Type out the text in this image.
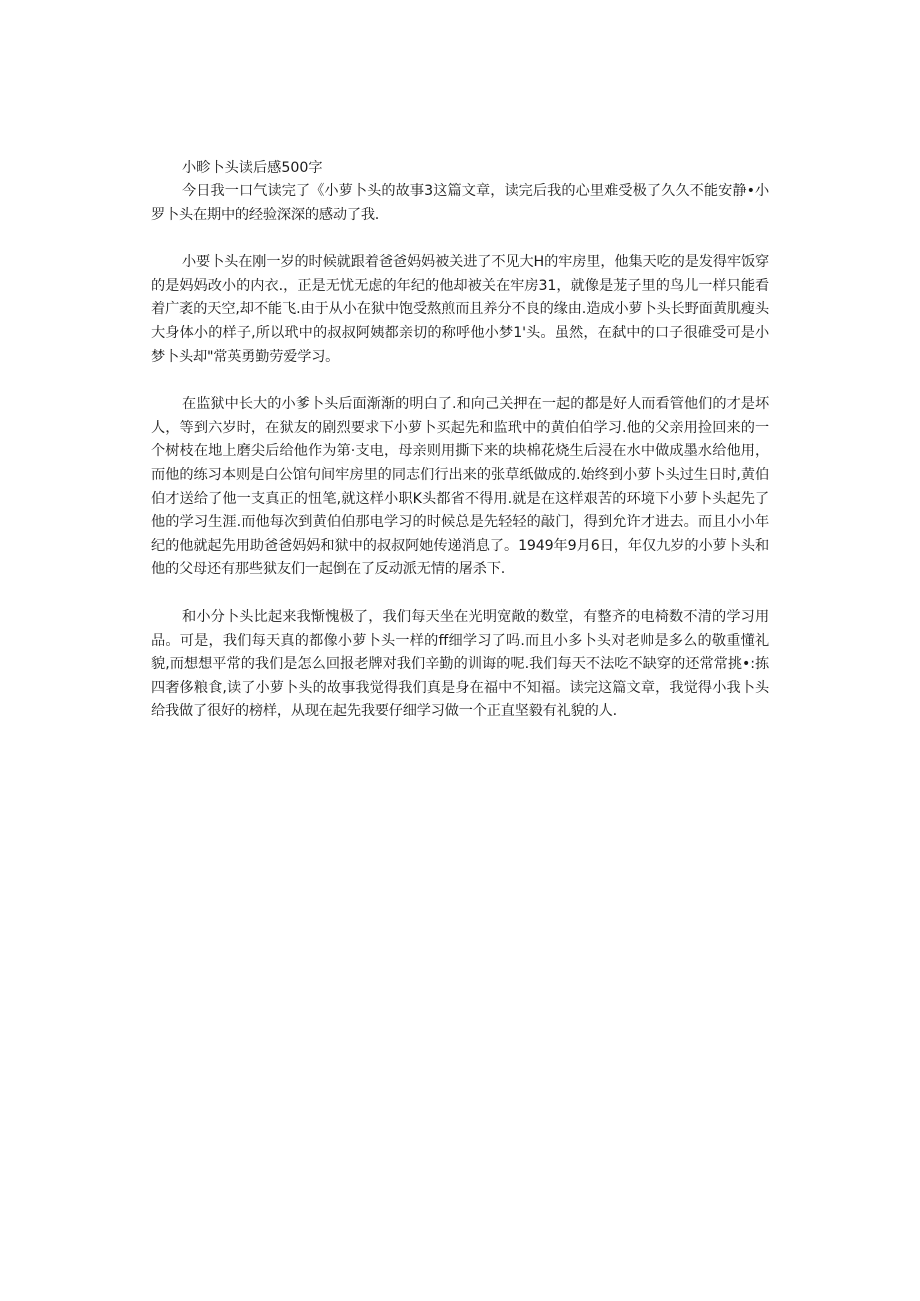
小畛卜头读后感500字

今日我一口气读完了《小萝卜头的故事3这篇文章，读完后我的心里难受极了久久不能安静•小罗卜头在期中的经验深深的感动了我.

小要卜头在刚一岁的时候就跟着爸爸妈妈被关进了不见大H的牢房里，他集天吃的是发得牢饭穿的是妈妈改小的内衣.，正是无忧无虑的年纪的他却被关在牢房31，就像是茏子里的鸟儿一样只能看着广袤的天空,却不能飞.由于从小在狱中饱受熬煎而且养分不良的缘由.造成小萝卜头长野面黄肌瘦头大身体小的样子,所以玳中的叔叔阿姨都亲切的称呼他小梦1'头。虽然，在弑中的口子很碓受可是小梦卜头却"常英勇勤劳爱学习。

在监狱中长大的小爹卜头后面渐渐的明白了.和向己关押在一起的都是好人而看管他们的才是坏人，等到六岁时，在狱友的剧烈要求下小萝卜买起先和监玳中的黄伯伯学习.他的父亲用捡回来的一个树枝在地上磨尖后给他作为第·支电，母亲则用撕下来的块棉花烧生后浸在水中做成墨水给他用，而他的练习本则是白公馆句间牢房里的同志们行出来的张草纸做成的.始终到小萝卜头过生日时,黄伯伯才送给了他一支真正的忸笔,就这样小职K头都省不得用.就是在这样艰苦的环境下小萝卜头起先了他的学习生涯.而他每次到黄伯伯那电学习的时候总是先轻轻的敲门，得到允许才进去。而且小小年纪的他就起先用助爸爸妈妈和狱中的叔叔阿她传递消息了。1949年9月6日，年仅九岁的小萝卜头和他的父母还有那些狱友们一起倒在了反动派无情的屠杀下.

和小分卜头比起来我惭愧极了，我们每天坐在光明宽敞的数堂，有整齐的电椅数不清的学习用品。可是，我们每天真的都像小萝卜头一样的ff细学习了吗.而且小多卜头对老帅是多么的敬重懂礼貌,而想想平常的我们是怎么回报老牌对我们辛勤的训诲的呢.我们每天不法吃不缺穿的还常常挑•:拣四奢侈粮食,读了小萝卜头的故事我觉得我们真是身在福中不知福。读完这篇文章，我觉得小我卜头给我做了很好的榜样，从现在起先我要仔细学习做一个正直坚毅有礼貌的人.
